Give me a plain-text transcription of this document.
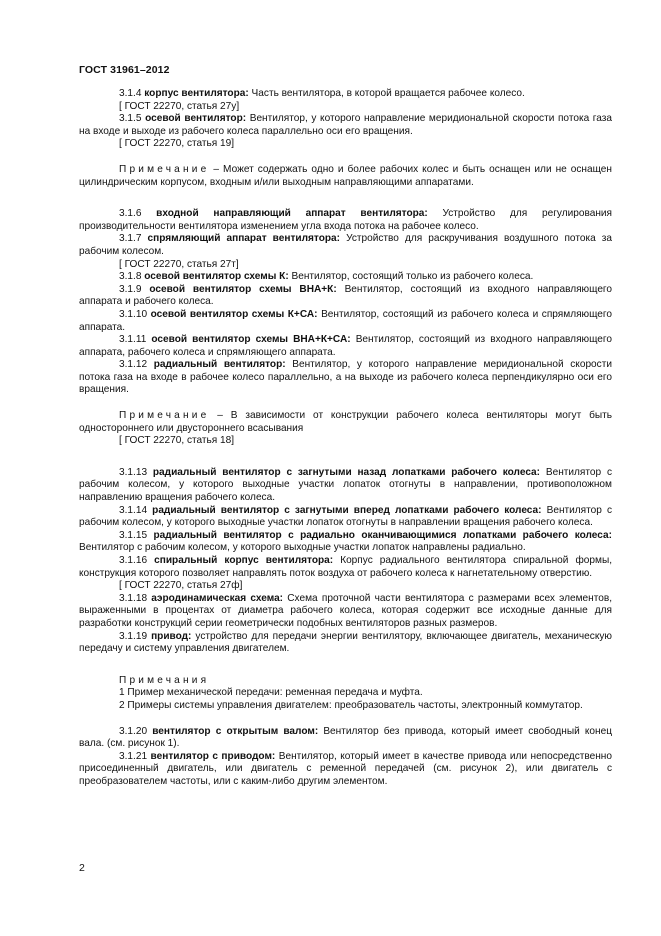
ГОСТ 31961–2012

3.1.4 корпус вентилятора: Часть вентилятора, в которой вращается рабочее колесо.

[ ГОСТ 22270, статья 27у]

3.1.5 осевой вентилятор: Вентилятор, у которого направление меридиональной скорости потока газа на входе и выходе из рабочего колеса параллельно оси его вращения.

[ ГОСТ 22270, статья 19]

Примечание – Может содержать одно и более рабочих колес и быть оснащен или не оснащен цилиндрическим корпусом, входным и/или выходным направляющими аппаратами.

3.1.6 входной направляющий аппарат вентилятора: Устройство для регулирования производительности вентилятора изменением угла входа потока на рабочее колесо.

3.1.7 спрямляющий аппарат вентилятора: Устройство для раскручивания воздушного потока за рабочим колесом.

[ ГОСТ 22270, статья 27т]

3.1.8 осевой вентилятор схемы К: Вентилятор, состоящий только из рабочего колеса.

3.1.9 осевой вентилятор схемы ВНА+К: Вентилятор, состоящий из входного направляющего аппарата и рабочего колеса.

3.1.10 осевой вентилятор схемы К+СА: Вентилятор, состоящий из рабочего колеса и спрямляющего аппарата.

3.1.11 осевой вентилятор схемы ВНА+К+СА: Вентилятор, состоящий из входного направляющего аппарата, рабочего колеса и спрямляющего аппарата.

3.1.12 радиальный вентилятор: Вентилятор, у которого направление меридиональной скорости потока газа на входе в рабочее колесо параллельно, а на выходе из рабочего колеса перпендикулярно оси его вращения.

Примечание – В зависимости от конструкции рабочего колеса вентиляторы могут быть одностороннего или двустороннего всасывания

[ ГОСТ 22270, статья 18]

3.1.13 радиальный вентилятор с загнутыми назад лопатками рабочего колеса: Вентилятор с рабочим колесом, у которого выходные участки лопаток отогнуты в направлении, противоположном направлению вращения рабочего колеса.

3.1.14 радиальный вентилятор с загнутыми вперед лопатками рабочего колеса: Вентилятор с рабочим колесом, у которого выходные участки лопаток отогнуты в направлении вращения рабочего колеса.

3.1.15 радиальный вентилятор с радиально оканчивающимися лопатками рабочего колеса: Вентилятор с рабочим колесом, у которого выходные участки лопаток направлены радиально.

3.1.16 спиральный корпус вентилятора: Корпус радиального вентилятора спиральной формы, конструкция которого позволяет направлять поток воздуха от рабочего колеса к нагнетательному отверстию.

[ ГОСТ 22270, статья 27ф]

3.1.18 аэродинамическая схема: Схема проточной части вентилятора с размерами всех элементов, выраженными в процентах от диаметра рабочего колеса, которая содержит все исходные данные для разработки конструкций серии геометрически подобных вентиляторов разных размеров.

3.1.19 привод: устройство для передачи энергии вентилятору, включающее двигатель, механическую передачу и систему управления двигателем.

Примечания

1 Пример механической передачи: ременная передача и муфта.

2 Примеры системы управления двигателем: преобразователь частоты, электронный коммутатор.

3.1.20 вентилятор с открытым валом: Вентилятор без привода, который имеет свободный конец вала. (см. рисунок 1).

3.1.21 вентилятор с приводом: Вентилятор, который имеет в качестве привода или непосредственно присоединенный двигатель, или двигатель с ременной передачей (см. рисунок 2), или двигатель с преобразователем частоты, или с каким-либо другим элементом.

2
